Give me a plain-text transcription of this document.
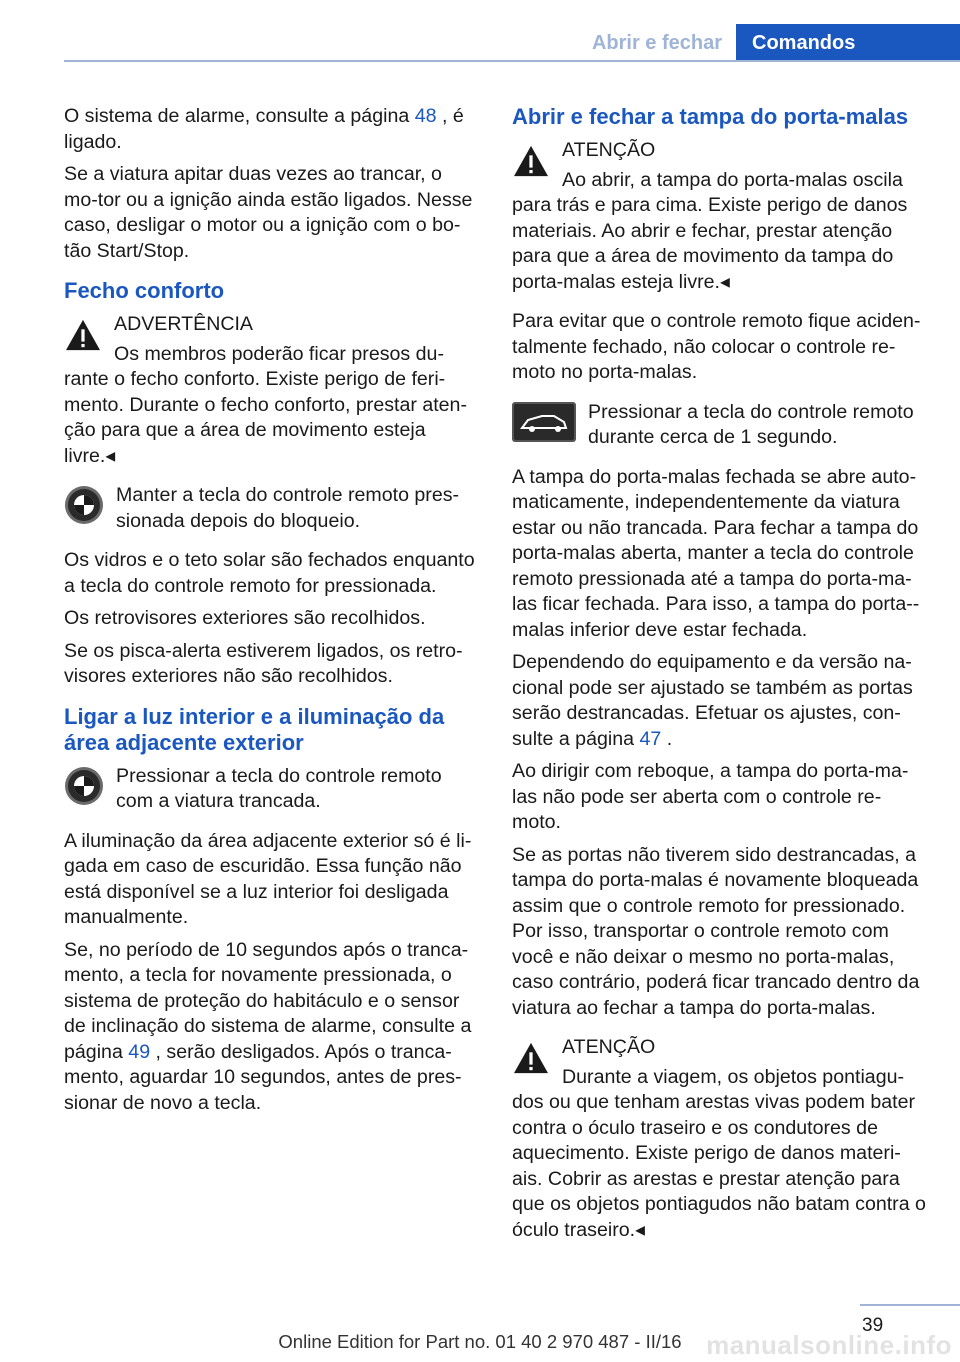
Abrir e fechar	Comandos

O sistema de alarme, consulte a página 48 , é ligado.

Se a viatura apitar duas vezes ao trancar, o mo-tor ou a ignição ainda estão ligados. Nesse caso, desligar o motor ou a ignição com o bo-tão Start/Stop.

Fecho conforto
ADVERTÊNCIA
Os membros poderão ficar presos du-rante o fecho conforto. Existe perigo de feri-mento. Durante o fecho conforto, prestar aten-ção para que a área de movimento esteja livre.◂
Manter a tecla do controle remoto pres-sionada depois do bloqueio.

Os vidros e o teto solar são fechados enquanto a tecla do controle remoto for pressionada.

Os retrovisores exteriores são recolhidos.

Se os pisca-alerta estiverem ligados, os retro-visores exteriores não são recolhidos.

Ligar a luz interior e a iluminação da área adjacente exterior
Pressionar a tecla do controle remoto com a viatura trancada.

A iluminação da área adjacente exterior só é li-gada em caso de escuridão. Essa função não está disponível se a luz interior foi desligada manualmente.

Se, no período de 10 segundos após o tranca-mento, a tecla for novamente pressionada, o sistema de proteção do habitáculo e o sensor de inclinação do sistema de alarme, consulte a página 49 , serão desligados. Após o tranca-mento, aguardar 10 segundos, antes de pres-sionar de novo a tecla.

Abrir e fechar a tampa do porta-malas
ATENÇÃO
Ao abrir, a tampa do porta-malas oscila para trás e para cima. Existe perigo de danos materiais. Ao abrir e fechar, prestar atenção para que a área de movimento da tampa do porta-malas esteja livre.◂

Para evitar que o controle remoto fique aciden-talmente fechado, não colocar o controle re-moto no porta-malas.

Pressionar a tecla do controle remoto durante cerca de 1 segundo.

A tampa do porta-malas fechada se abre auto-maticamente, independentemente da viatura estar ou não trancada. Para fechar a tampa do porta-malas aberta, manter a tecla do controle remoto pressionada até a tampa do porta-ma-las ficar fechada. Para isso, a tampa do porta--malas inferior deve estar fechada.

Dependendo do equipamento e da versão na-cional pode ser ajustado se também as portas serão destrancadas. Efetuar os ajustes, con-sulte a página 47 .

Ao dirigir com reboque, a tampa do porta-ma-las não pode ser aberta com o controle re-moto.

Se as portas não tiverem sido destrancadas, a tampa do porta-malas é novamente bloqueada assim que o controle remoto for pressionado. Por isso, transportar o controle remoto com você e não deixar o mesmo no porta-malas, caso contrário, poderá ficar trancado dentro da viatura ao fechar a tampa do porta-malas.

ATENÇÃO
Durante a viagem, os objetos pontiagu-dos ou que tenham arestas vivas podem bater contra o óculo traseiro e os condutores de aquecimento. Existe perigo de danos materi-ais. Cobrir as arestas e prestar atenção para que os objetos pontiagudos não batam contra o óculo traseiro.◂
39
Online Edition for Part no. 01 40 2 970 487 - II/16 manualsonline.info
